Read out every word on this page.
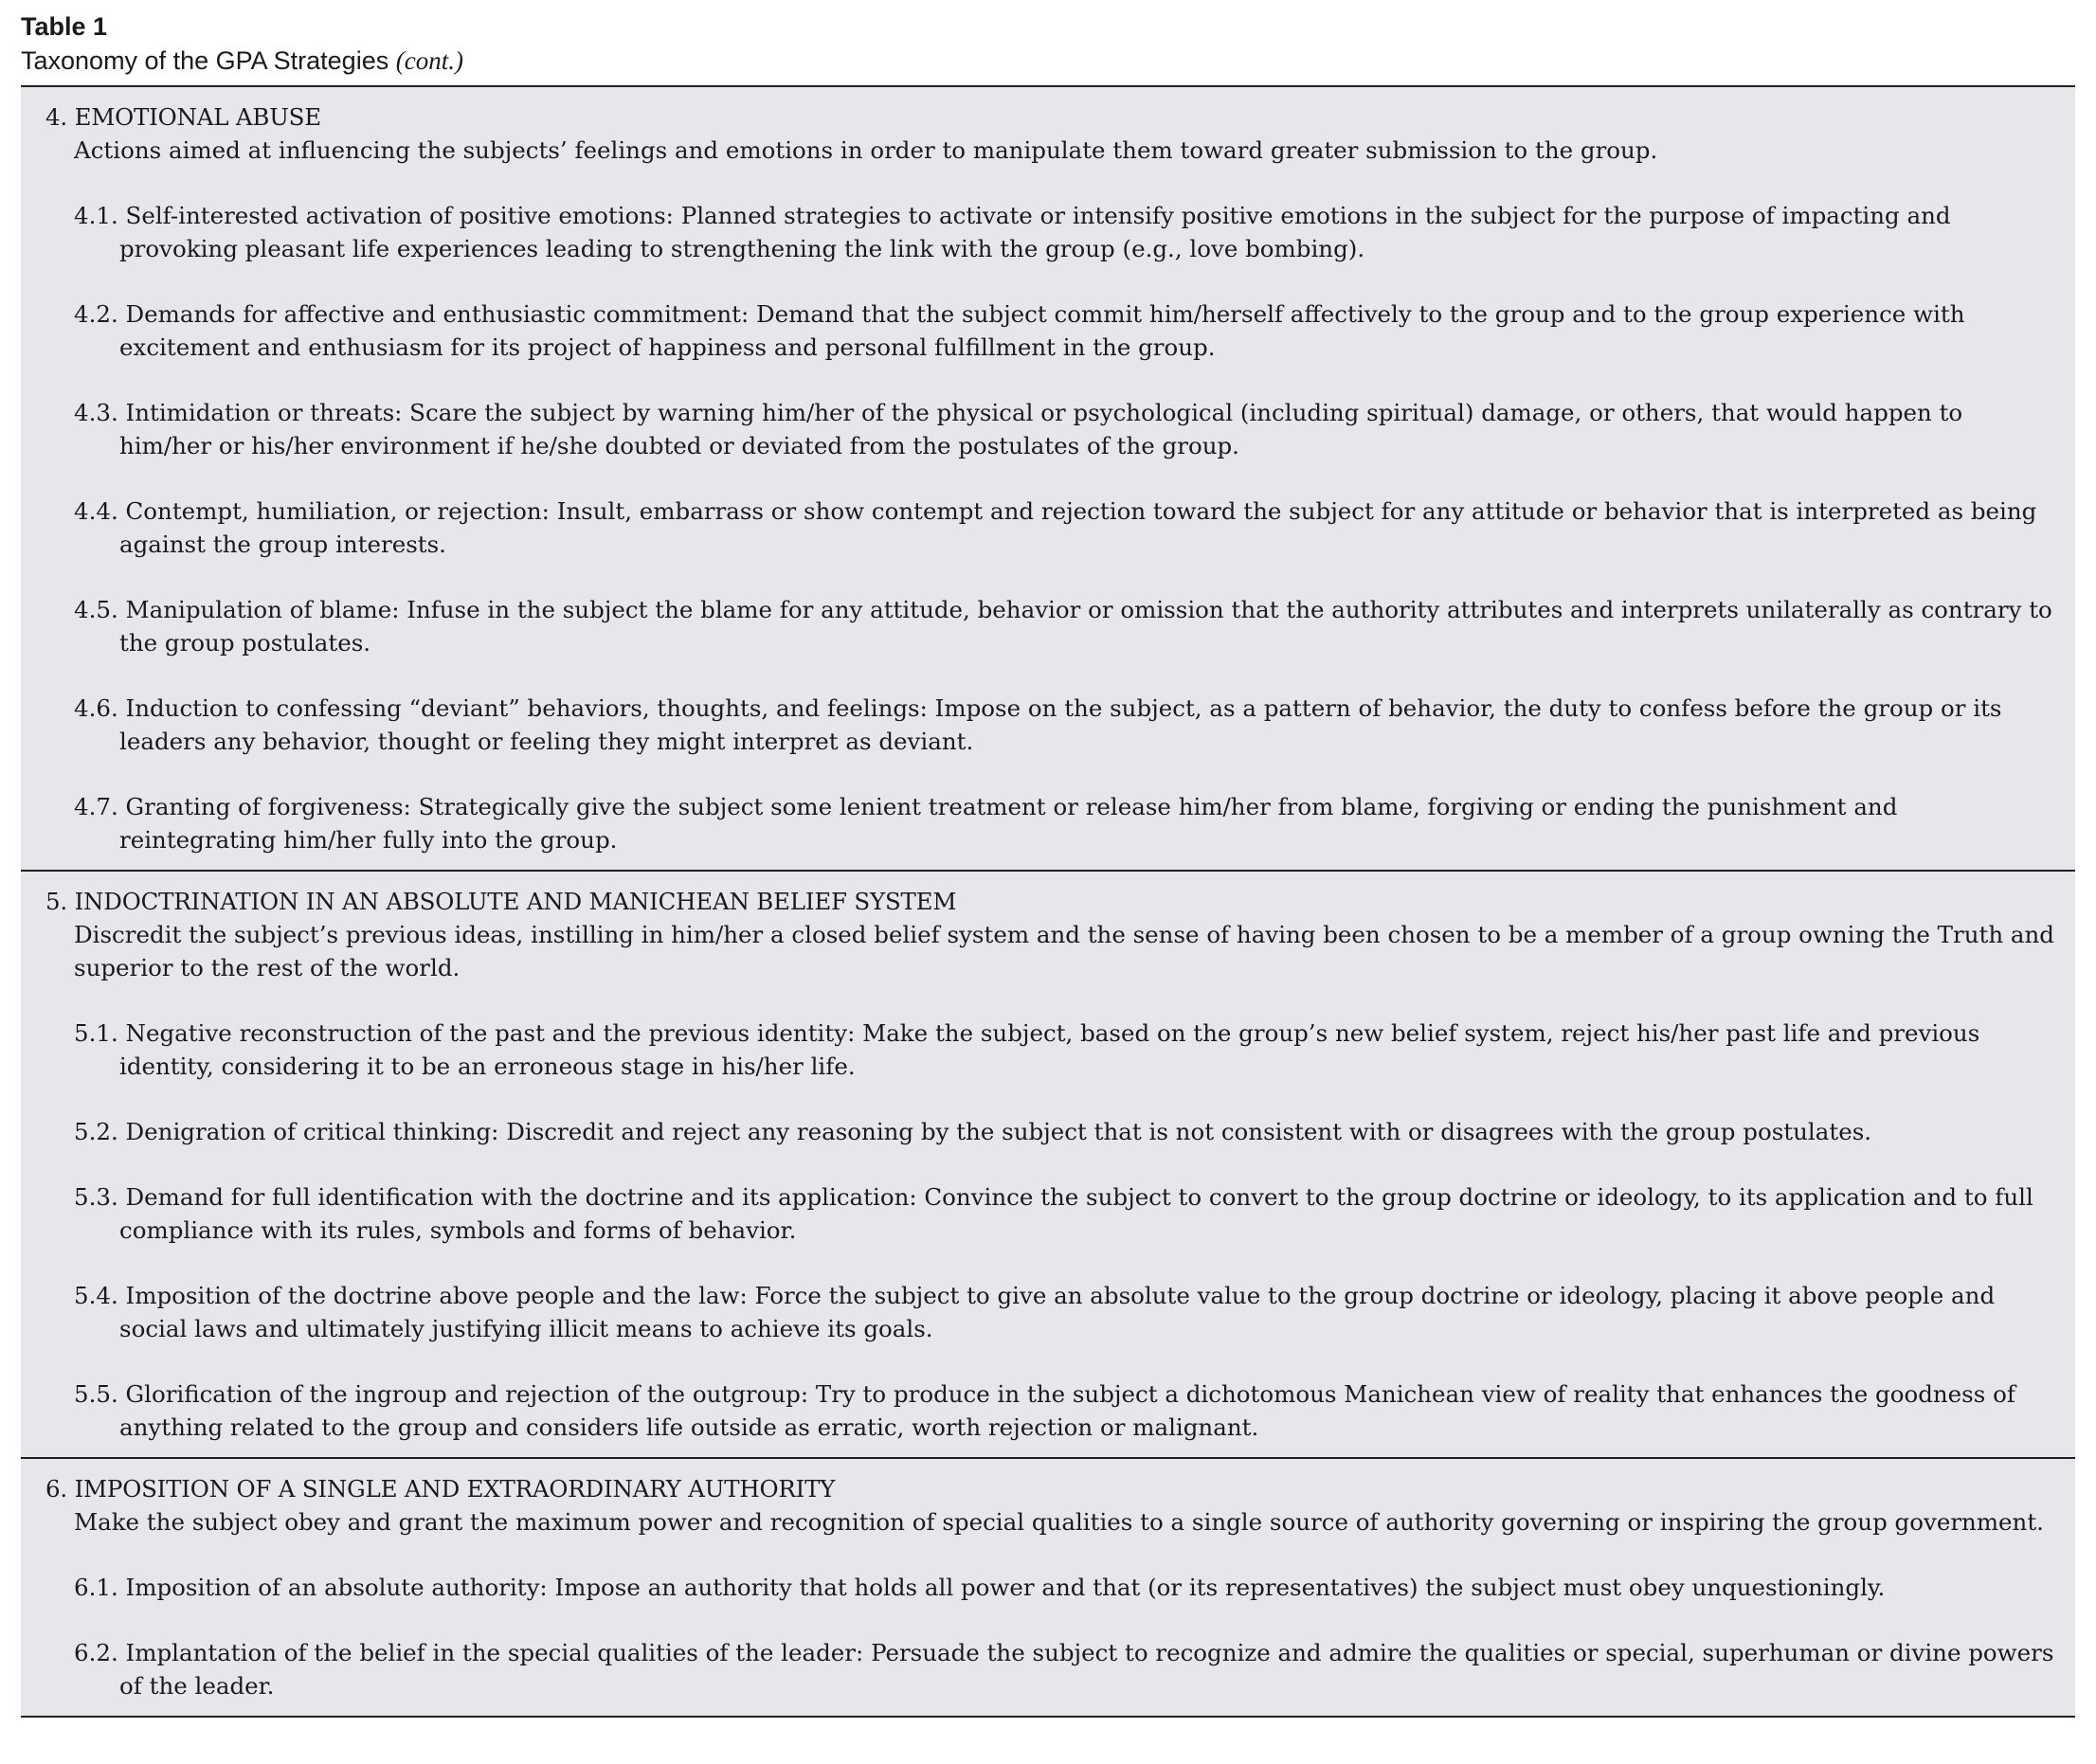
Table 1

Taxonomy of the GPA Strategies (cont.)

4. EMOTIONAL ABUSE

Actions aimed at influencing the subjects’ feelings and emotions in order to manipulate them toward greater submission to the group.

4.1. Self-interested activation of positive emotions: Planned strategies to activate or intensify positive emotions in the subject for the purpose of impacting and provoking pleasant life experiences leading to strengthening the link with the group (e.g., love bombing).

4.2. Demands for affective and enthusiastic commitment: Demand that the subject commit him/herself affectively to the group and to the group experience with excitement and enthusiasm for its project of happiness and personal fulfillment in the group.

4.3. Intimidation or threats: Scare the subject by warning him/her of the physical or psychological (including spiritual) damage, or others, that would happen to him/her or his/her environment if he/she doubted or deviated from the postulates of the group.

4.4. Contempt, humiliation, or rejection: Insult, embarrass or show contempt and rejection toward the subject for any attitude or behavior that is interpreted as being against the group interests.

4.5. Manipulation of blame: Infuse in the subject the blame for any attitude, behavior or omission that the authority attributes and interprets unilaterally as contrary to the group postulates.

4.6. Induction to confessing “deviant” behaviors, thoughts, and feelings: Impose on the subject, as a pattern of behavior, the duty to confess before the group or its leaders any behavior, thought or feeling they might interpret as deviant.

4.7. Granting of forgiveness: Strategically give the subject some lenient treatment or release him/her from blame, forgiving or ending the punishment and reintegrating him/her fully into the group.

5. INDOCTRINATION IN AN ABSOLUTE AND MANICHEAN BELIEF SYSTEM

Discredit the subject’s previous ideas, instilling in him/her a closed belief system and the sense of having been chosen to be a member of a group owning the Truth and superior to the rest of the world.

5.1. Negative reconstruction of the past and the previous identity: Make the subject, based on the group’s new belief system, reject his/her past life and previous identity, considering it to be an erroneous stage in his/her life.

5.2. Denigration of critical thinking: Discredit and reject any reasoning by the subject that is not consistent with or disagrees with the group postulates.

5.3. Demand for full identification with the doctrine and its application: Convince the subject to convert to the group doctrine or ideology, to its application and to full compliance with its rules, symbols and forms of behavior.

5.4. Imposition of the doctrine above people and the law: Force the subject to give an absolute value to the group doctrine or ideology, placing it above people and social laws and ultimately justifying illicit means to achieve its goals.

5.5. Glorification of the ingroup and rejection of the outgroup: Try to produce in the subject a dichotomous Manichean view of reality that enhances the goodness of anything related to the group and considers life outside as erratic, worth rejection or malignant.

6. IMPOSITION OF A SINGLE AND EXTRAORDINARY AUTHORITY

Make the subject obey and grant the maximum power and recognition of special qualities to a single source of authority governing or inspiring the group government.

6.1. Imposition of an absolute authority: Impose an authority that holds all power and that (or its representatives) the subject must obey unquestioningly.

6.2. Implantation of the belief in the special qualities of the leader: Persuade the subject to recognize and admire the qualities or special, superhuman or divine powers of the leader.
